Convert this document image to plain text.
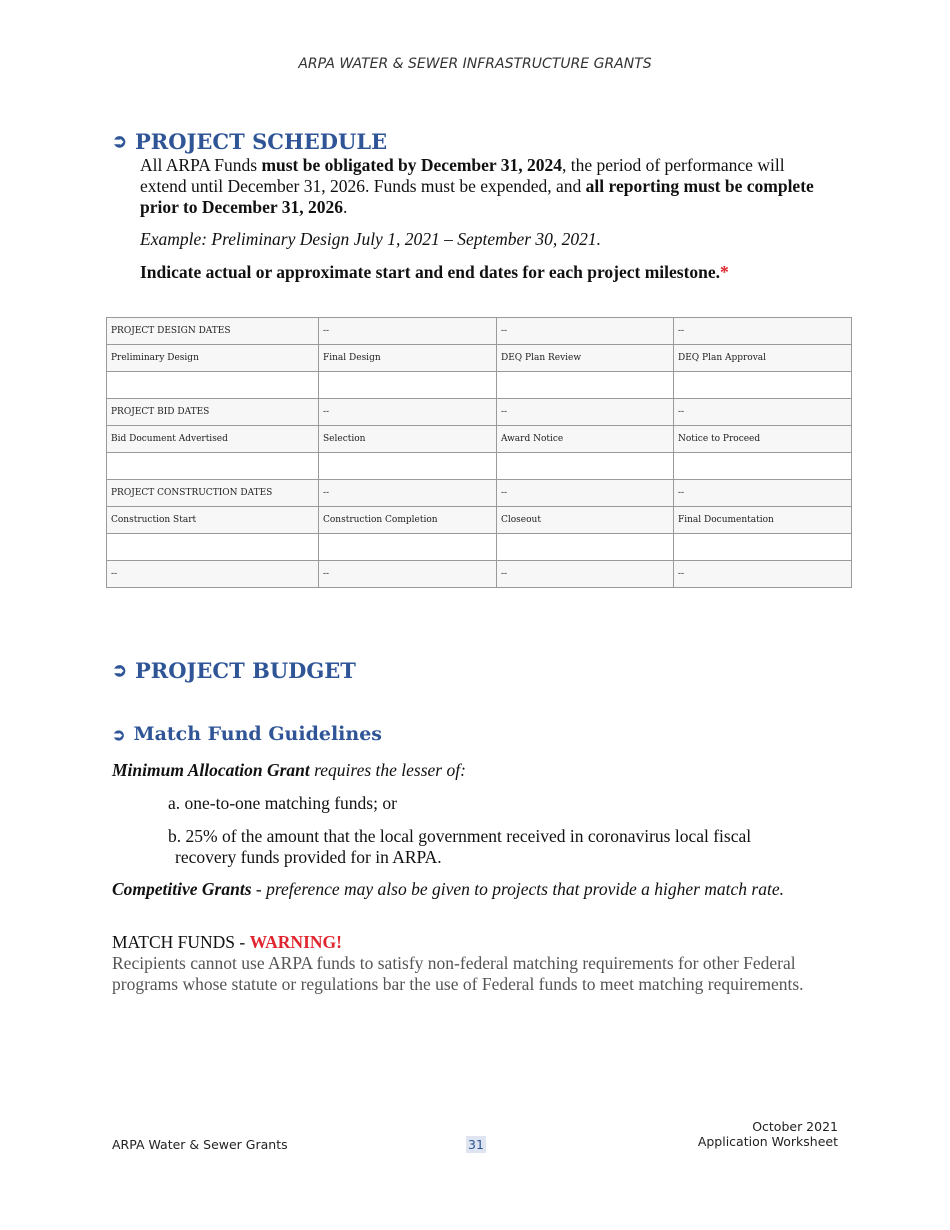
ARPA WATER & SEWER INFRASTRUCTURE GRANTS
➲ PROJECT SCHEDULE
All ARPA Funds must be obligated by December 31, 2024, the period of performance will extend until December 31, 2026. Funds must be expended, and all reporting must be complete prior to December 31, 2026.
Example: Preliminary Design July 1, 2021 – September 30, 2021.
Indicate actual or approximate start and end dates for each project milestone.*
PROJECT DESIGN DATES	--	--	--
Preliminary Design	Final Design	DEQ Plan Review	DEQ Plan Approval

PROJECT BID DATES	--	--	--
Bid Document Advertised	Selection	Award Notice	Notice to Proceed

PROJECT CONSTRUCTION DATES	--	--	--
Construction Start	Construction Completion	Closeout	Final Documentation

--	--	--	--
➲ PROJECT BUDGET
➲ Match Fund Guidelines
Minimum Allocation Grant requires the lesser of:
a. one-to-one matching funds; or
b. 25% of the amount that the local government received in coronavirus local fiscal
recovery funds provided for in ARPA.
Competitive Grants - preference may also be given to projects that provide a higher match rate.
MATCH FUNDS - WARNING!
Recipients cannot use ARPA funds to satisfy non-federal matching requirements for other Federal programs whose statute or regulations bar the use of Federal funds to meet matching requirements.
ARPA Water & Sewer Grants	31
October 2021
Application Worksheet
